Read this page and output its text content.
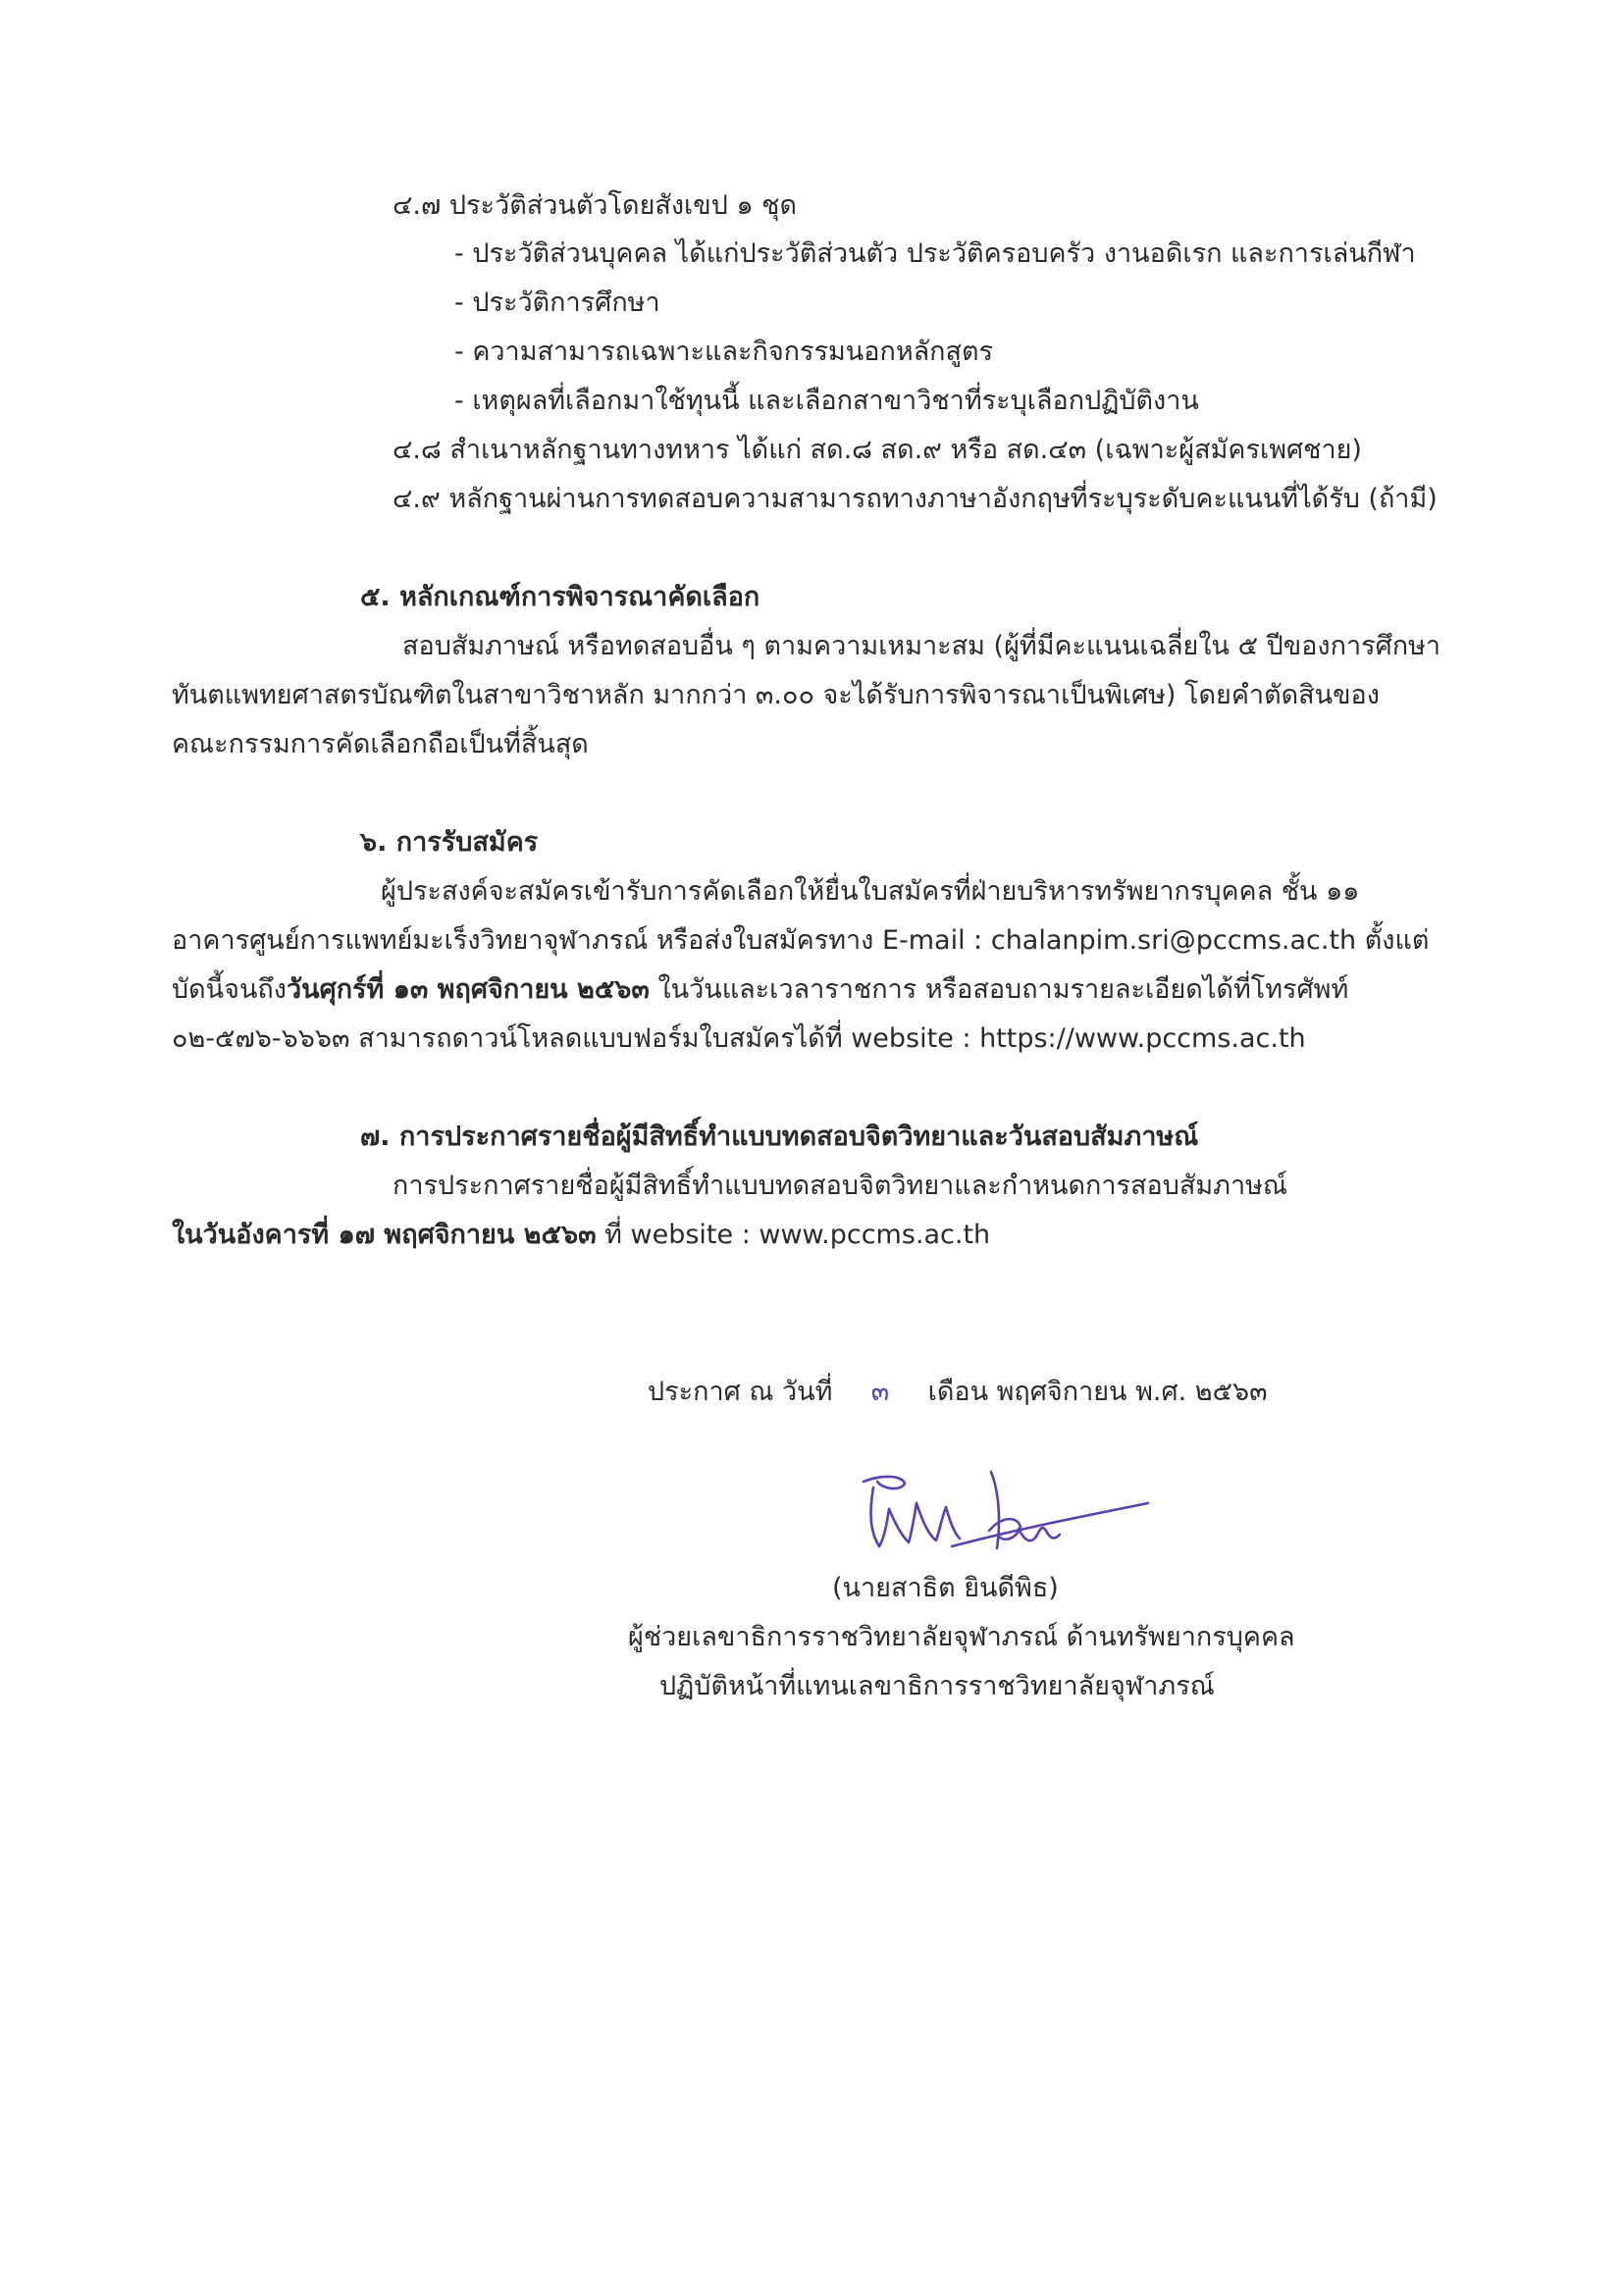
๔.๗ ประวัติส่วนตัวโดยสังเขป ๑ ชุด
- ประวัติส่วนบุคคล ได้แก่ประวัติส่วนตัว ประวัติครอบครัว งานอดิเรก และการเล่นกีฬา
- ประวัติการศึกษา
- ความสามารถเฉพาะและกิจกรรมนอกหลักสูตร
- เหตุผลที่เลือกมาใช้ทุนนี้ และเลือกสาขาวิชาที่ระบุเลือกปฏิบัติงาน
๔.๘ สำเนาหลักฐานทางทหาร ได้แก่ สด.๘ สด.๙ หรือ สด.๔๓ (เฉพาะผู้สมัครเพศชาย)
๔.๙ หลักฐานผ่านการทดสอบความสามารถทางภาษาอังกฤษที่ระบุระดับคะแนนที่ได้รับ (ถ้ามี)
๕. หลักเกณฑ์การพิจารณาคัดเลือก
สอบสัมภาษณ์ หรือทดสอบอื่น ๆ ตามความเหมาะสม (ผู้ที่มีคะแนนเฉลี่ยใน ๕ ปีของการศึกษา
ทันตแพทยศาสตรบัณฑิตในสาขาวิชาหลัก มากกว่า ๓.๐๐ จะได้รับการพิจารณาเป็นพิเศษ) โดยคำตัดสินของ
คณะกรรมการคัดเลือกถือเป็นที่สิ้นสุด
๖. การรับสมัคร
ผู้ประสงค์จะสมัครเข้ารับการคัดเลือกให้ยื่นใบสมัครที่ฝ่ายบริหารทรัพยากรบุคคล ชั้น ๑๑
อาคารศูนย์การแพทย์มะเร็งวิทยาจุฬาภรณ์ หรือส่งใบสมัครทาง E-mail : chalanpim.sri@pccms.ac.th ตั้งแต่
บัดนี้จนถึงวันศุกร์ที่ ๑๓ พฤศจิกายน ๒๕๖๓ ในวันและเวลาราชการ หรือสอบถามรายละเอียดได้ที่โทรศัพท์
๐๒-๕๗๖-๖๖๖๓ สามารถดาวน์โหลดแบบฟอร์มใบสมัครได้ที่ website : https://www.pccms.ac.th
๗. การประกาศรายชื่อผู้มีสิทธิ์ทำแบบทดสอบจิตวิทยาและวันสอบสัมภาษณ์
การประกาศรายชื่อผู้มีสิทธิ์ทำแบบทดสอบจิตวิทยาและกำหนดการสอบสัมภาษณ์
ในวันอังคารที่ ๑๗ พฤศจิกายน ๒๕๖๓ ที่ website : www.pccms.ac.th
ประกาศ ณ วันที่ ๓ เดือน พฤศจิกายน พ.ศ. ๒๕๖๓
(นายสาธิต ยินดีพิธ)
ผู้ช่วยเลขาธิการราชวิทยาลัยจุฬาภรณ์ ด้านทรัพยากรบุคคล
ปฏิบัติหน้าที่แทนเลขาธิการราชวิทยาลัยจุฬาภรณ์
